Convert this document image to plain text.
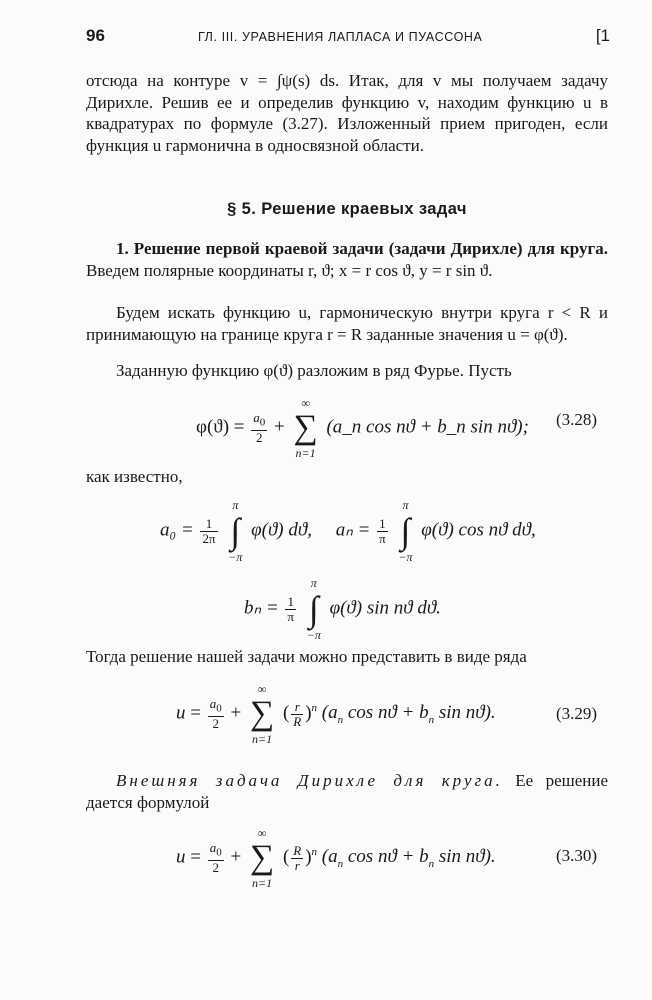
96	ГЛ. III. УРАВНЕНИЯ ЛАПЛАСА И ПУАССОНА	[1
отсюда на контуре v = ∫ψ(s) ds. Итак, для v мы получаем задачу Дирихле. Решив ее и определив функцию v, находим функцию u в квадратурах по формуле (3.27). Изложенный прием пригоден, если функция u гармонична в односвязной области.
§ 5. Решение краевых задач
1. Решение первой краевой задачи (задачи Дирихле) для круга. Введем полярные координаты r, ϑ; x = r cos ϑ, y = r sin ϑ.
Будем искать функцию u, гармоническую внутри круга r < R и принимающую на границе круга r = R заданные значения u = φ(ϑ).
Заданную функцию φ(ϑ) разложим в ряд Фурье. Пусть
$\varphi(ϑ) = \frac{a_0}{2}$ +
∞
∑
n=1
(a_n cos nϑ + b_n sin nϑ); (3.28)
как известно,
$a_0 = \frac{1}{2\pi}$

π
∫
−π
φ(ϑ) dϑ, $a_n = \frac{1}{\pi}$

π
∫
−π
φ(ϑ) cos nϑ dϑ,
$b_n = \frac{1}{\pi}$

π
∫
−π
φ(ϑ) sin nϑ dϑ.
Тогда решение нашей задачи можно представить в виде ряда
$u = \frac{a_0}{2}$ +
∞
∑
n=1
( $\frac{r}{R} )^n$ ($a_n$ $\cos nϑ + b_n$ sin nϑ).	(3.29)
Внешняя задача Дирихле для круга. Ее решение дается формулой
$u = \frac{a_0}{2}$ +
∞
∑
n=1
( $\frac{R}{r} )^n$ ($a_n$ $\cos nϑ + b_n$ sin nϑ).	(3.30)
